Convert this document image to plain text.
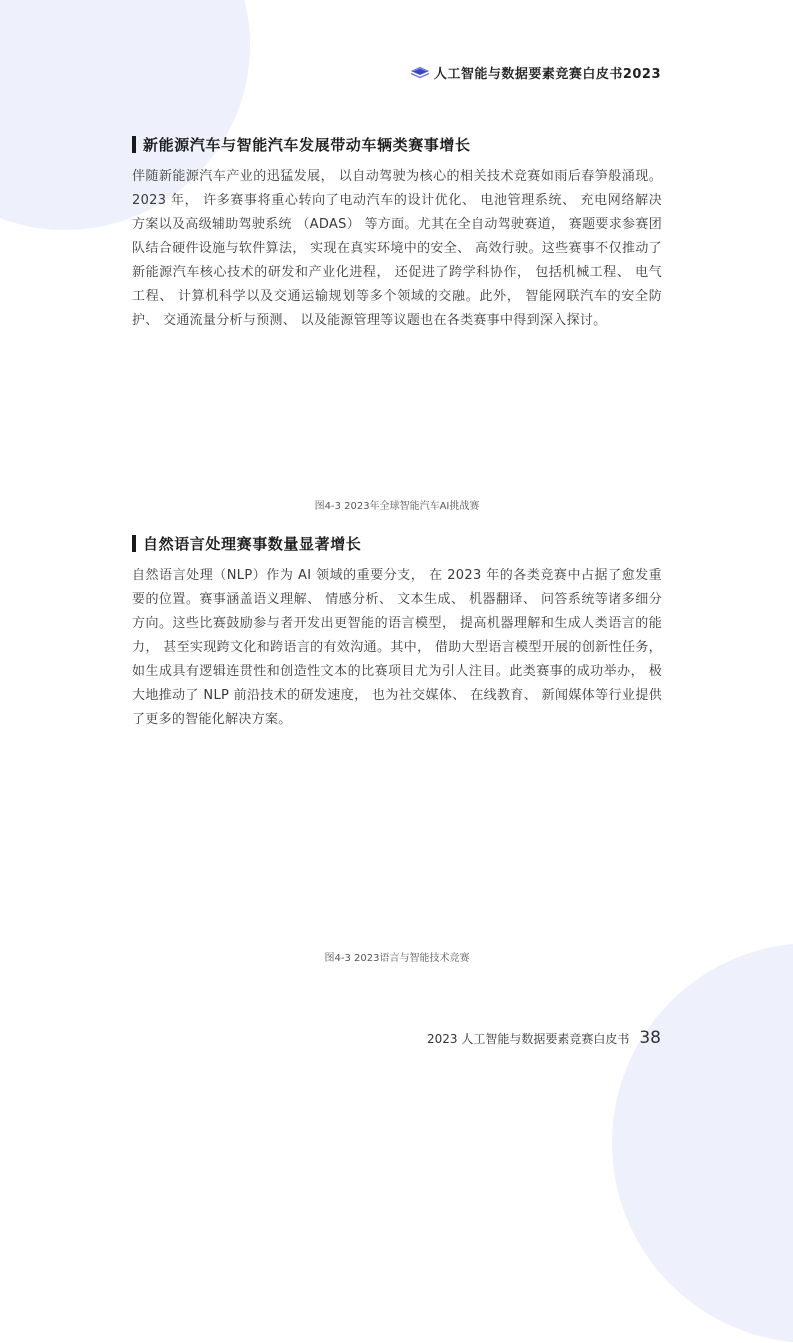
人工智能与数据要素竞赛白皮书2023
新能源汽车与智能汽车发展带动车辆类赛事增长

伴随新能源汽车产业的迅猛发展， 以自动驾驶为核心的相关技术竞赛如雨后春笋般涌现。2023 年， 许多赛事将重心转向了电动汽车的设计优化、 电池管理系统、 充电网络解决方案以及高级辅助驾驶系统 （ADAS） 等方面。尤其在全自动驾驶赛道， 赛题要求参赛团队结合硬件设施与软件算法， 实现在真实环境中的安全、 高效行驶。这些赛事不仅推动了新能源汽车核心技术的研发和产业化进程， 还促进了跨学科协作， 包括机械工程、 电气工程、 计算机科学以及交通运输规划等多个领域的交融。此外， 智能网联汽车的安全防护、 交通流量分析与预测、 以及能源管理等议题也在各类赛事中得到深入探讨。

图4-3 2023年全球智能汽车AI挑战赛
自然语言处理赛事数量显著增长

自然语言处理（NLP）作为 AI 领域的重要分支， 在 2023 年的各类竞赛中占据了愈发重要的位置。赛事涵盖语义理解、 情感分析、 文本生成、 机器翻译、 问答系统等诸多细分方向。这些比赛鼓励参与者开发出更智能的语言模型， 提高机器理解和生成人类语言的能力， 甚至实现跨文化和跨语言的有效沟通。其中， 借助大型语言模型开展的创新性任务， 如生成具有逻辑连贯性和创造性文本的比赛项目尤为引人注目。此类赛事的成功举办， 极大地推动了 NLP 前沿技术的研发速度， 也为社交媒体、 在线教育、 新闻媒体等行业提供了更多的智能化解决方案。

图4-3 2023语言与智能技术竞赛
2023 人工智能与数据要素竞赛白皮书 38
